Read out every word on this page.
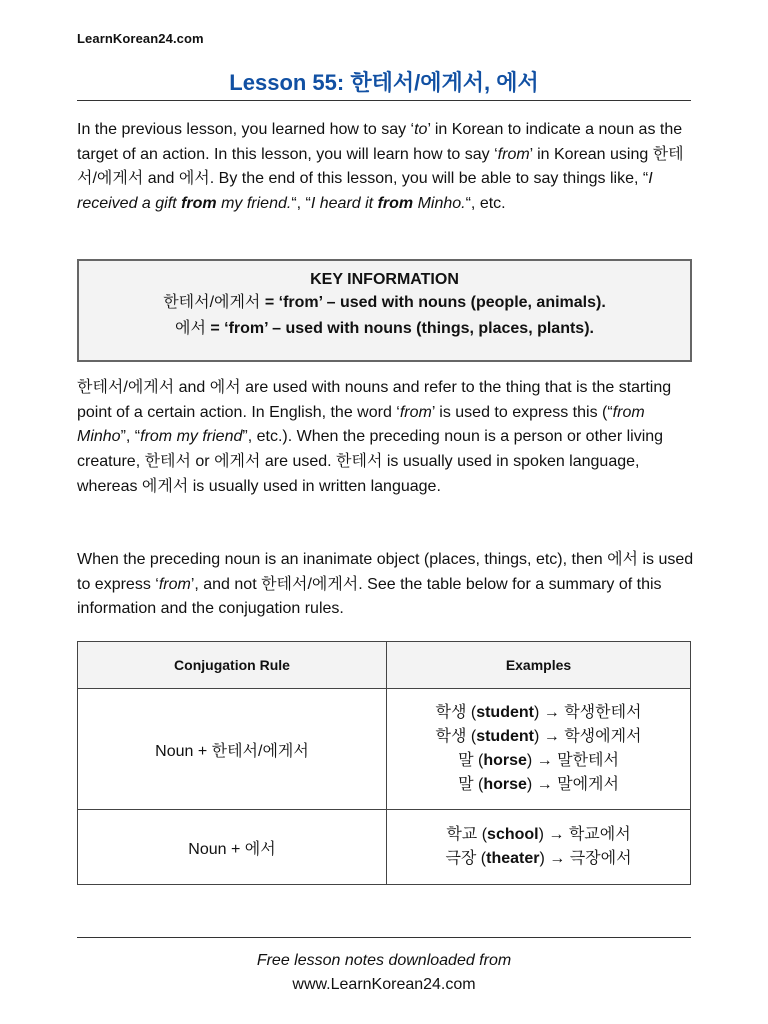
LearnKorean24.com
Lesson 55: 한테서/에게서, 에서

In the previous lesson, you learned how to say ‘to’ in Korean to indicate a noun as the target of an action. In this lesson, you will learn how to say ‘from’ in Korean using 한테서/에게서 and 에서. By the end of this lesson, you will be able to say things like, “I received a gift from my friend.“, “I heard it from Minho.“, etc.

KEY INFORMATION
한테서/에게서 = ‘from’ – used with nouns (people, animals).
에서 = ‘from’ – used with nouns (things, places, plants).

한테서/에게서 and 에서 are used with nouns and refer to the thing that is the starting point of a certain action. In English, the word ‘from’ is used to express this (“from Minho”, “from my friend”, etc.). When the preceding noun is a person or other living creature, 한테서 or 에게서 are used. 한테서 is usually used in spoken language, whereas 에게서 is usually used in written language.

When the preceding noun is an inanimate object (places, things, etc), then 에서 is used to express ‘from’, and not 한테서/에게서. See the table below for a summary of this information and the conjugation rules.

Conjugation Rule	Examples
Noun + 한테서/에게서	학생 (student) → 학생한테서
학생 (student) → 학생에게서
말 (horse) → 말한테서
말 (horse) → 말에게서

Noun + 에서	학교 (school) → 학교에서
극장 (theater) → 극장에서
Free lesson notes downloaded from
www.LearnKorean24.com
